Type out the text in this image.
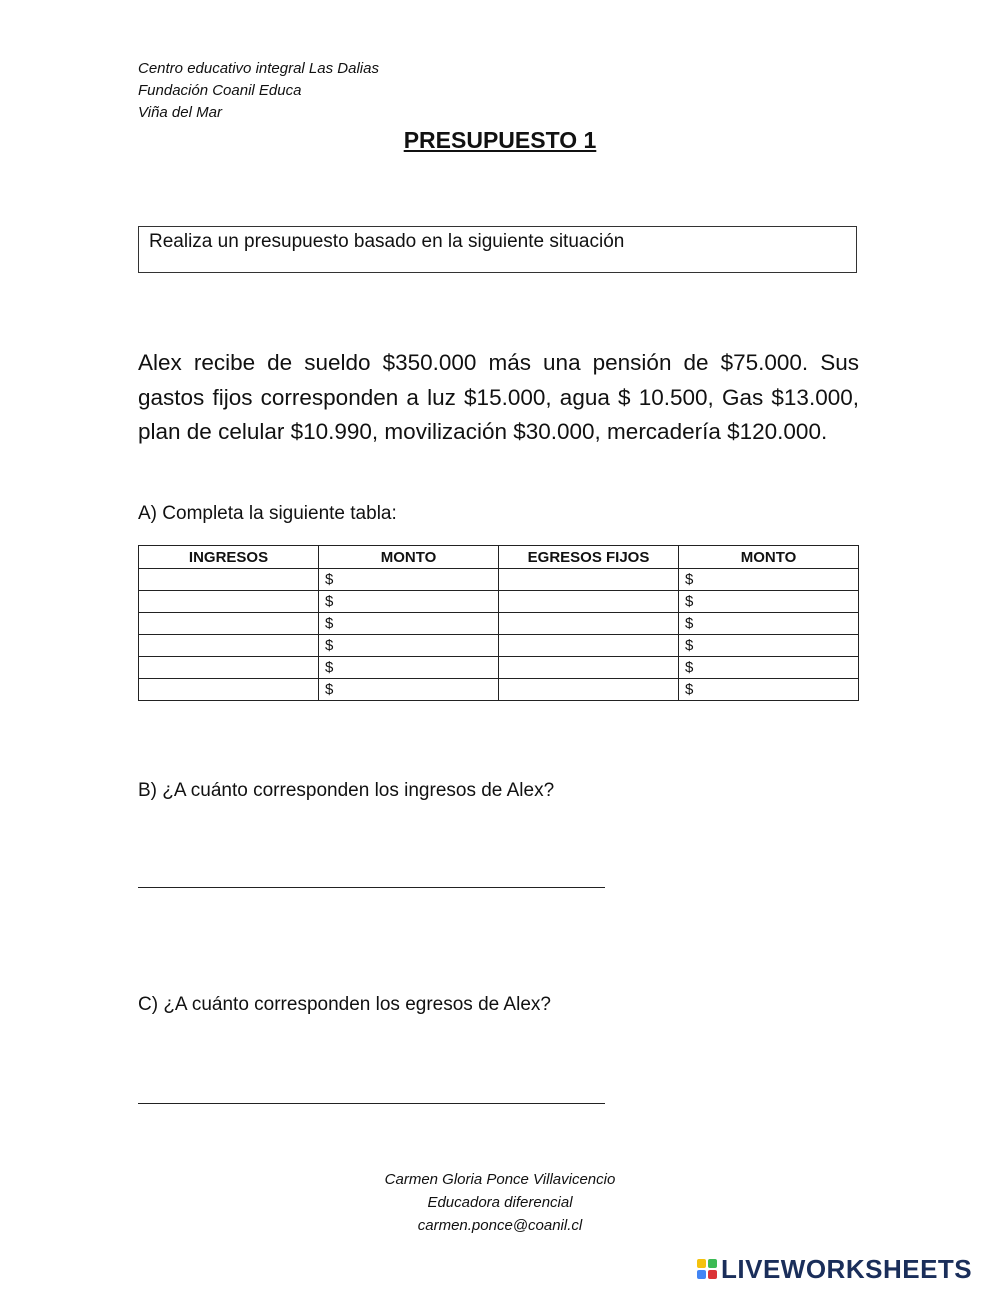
Centro educativo integral Las Dalias
Fundación Coanil Educa
Viña del Mar
PRESUPUESTO 1
Realiza un presupuesto basado en la siguiente situación
Alex recibe de sueldo $350.000 más una pensión de $75.000. Sus gastos fijos corresponden a luz $15.000, agua $ 10.500, Gas $13.000, plan de celular $10.990, movilización $30.000, mercadería $120.000.
A) Completa la siguiente tabla:
INGRESOS	MONTO	EGRESOS FIJOS	MONTO
	$		$
	$		$
	$		$
	$		$
	$		$
	$		$
B) ¿A cuánto corresponden los ingresos de Alex?
C) ¿A cuánto corresponden los egresos de Alex?
Carmen Gloria Ponce Villavicencio
Educadora diferencial
carmen.ponce@coanil.cl
LIVEWORKSHEETS
